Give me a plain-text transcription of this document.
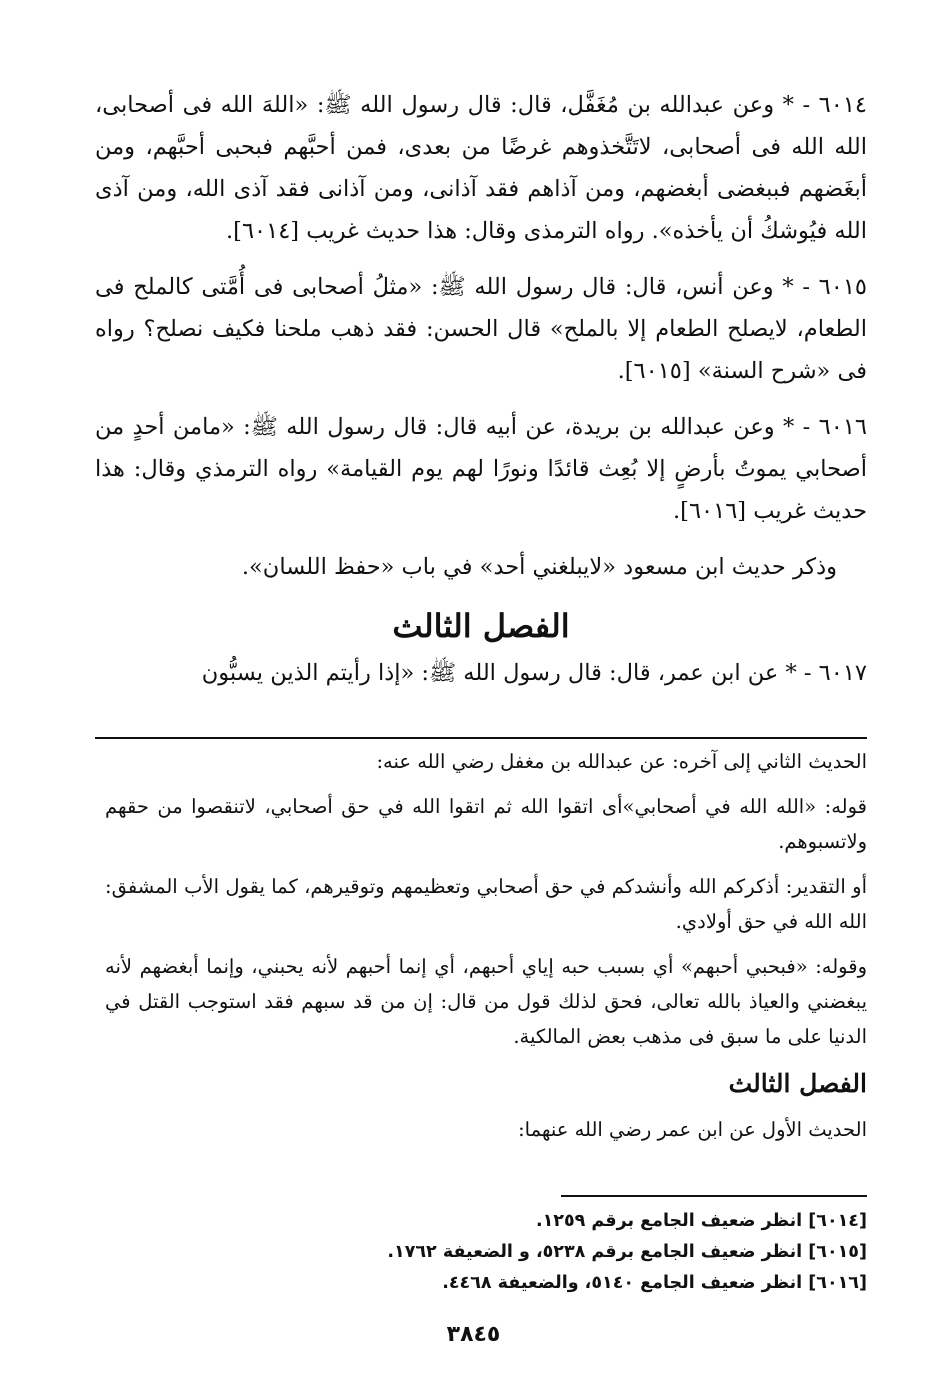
٦٠١٤ - * وعن عبدالله بن مُغَفَّل، قال: قال رسول الله ﷺ: «اللهَ الله فى أصحابى، الله الله فى أصحابى، لاتَتَّخذوهم غرضًا من بعدى، فمن أحبَّهم فبحبى أحبَّهم، ومن أبغَضهم فببغضى أبغضهم، ومن آذاهم فقد آذانى، ومن آذانى فقد آذى الله، ومن آذى الله فيُوشكُ أن يأخذه». رواه الترمذى وقال: هذا حديث غريب [٦٠١٤].

٦٠١٥ - * وعن أنس، قال: قال رسول الله ﷺ: «مثلُ أصحابى فى أُمَّتى كالملح فى الطعام، لايصلح الطعام إلا بالملح» قال الحسن: فقد ذهب ملحنا فكيف نصلح؟ رواه فى «شرح السنة» [٦٠١٥].

٦٠١٦ - * وعن عبدالله بن بريدة، عن أبيه قال: قال رسول الله ﷺ: «مامن أحدٍ من أصحابي يموتُ بأرضٍ إلا بُعِث قائدًا ونورًا لهم يوم القيامة» رواه الترمذي وقال: هذا حديث غريب [٦٠١٦].

وذكر حديث ابن مسعود «لايبلغني أحد» في باب «حفظ اللسان».

الفصل الثالث

٦٠١٧ - * عن ابن عمر، قال: قال رسول الله ﷺ: «إذا رأيتم الذين يسبُّون

الحديث الثاني إلى آخره: عن عبدالله بن مغفل رضي الله عنه:

قوله: «الله الله في أصحابي»أى اتقوا الله ثم اتقوا الله في حق أصحابي، لاتنقصوا من حقهم ولاتسبوهم.

أو التقدير: أذكركم الله وأنشدكم في حق أصحابي وتعظيمهم وتوقيرهم، كما يقول الأب المشفق: الله الله في حق أولادي.

وقوله: «فبحبي أحبهم» أي بسبب حبه إياي أحبهم، أي إنما أحبهم لأنه يحبني، وإنما أبغضهم لأنه يبغضني والعياذ بالله تعالى، فحق لذلك قول من قال: إن من قد سبهم فقد استوجب القتل في الدنيا على ما سبق فى مذهب بعض المالكية.

الفصل الثالث

الحديث الأول عن ابن عمر رضي الله عنهما:

[٦٠١٤] انظر ضعيف الجامع برقم ١٢٥٩.

[٦٠١٥] انظر ضعيف الجامع برقم ٥٢٣٨، و الضعيفة ١٧٦٢.

[٦٠١٦] انظر ضعيف الجامع ٥١٤٠، والضعيفة ٤٤٦٨.

٣٨٤٥
